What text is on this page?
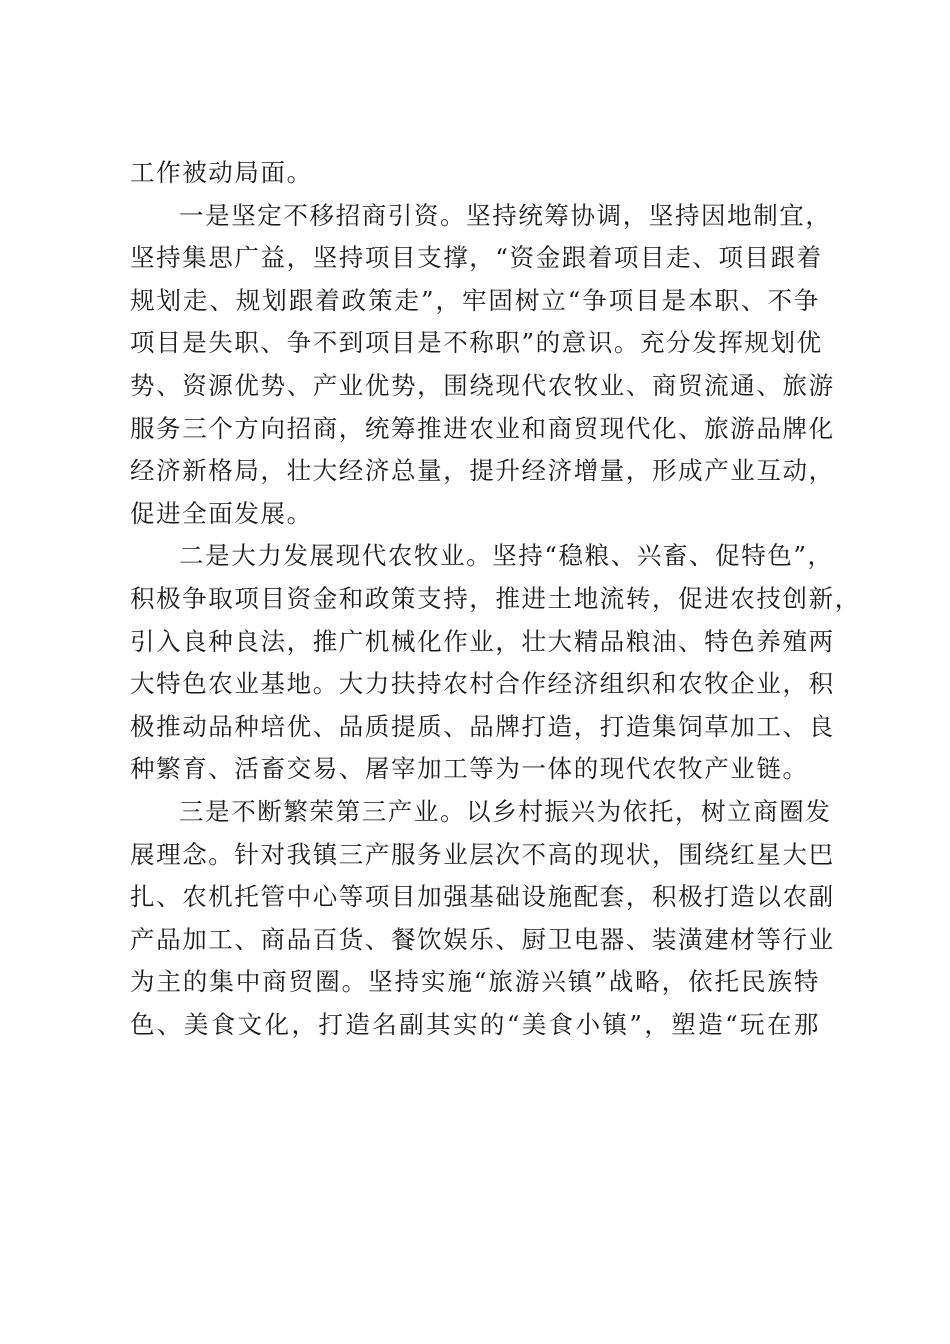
工作被动局面。
一是坚定不移招商引资。坚持统筹协调，坚持因地制宜，
坚持集思广益，坚持项目支撑，“资金跟着项目走、项目跟着
规划走、规划跟着政策走”，牢固树立“争项目是本职、不争
项目是失职、争不到项目是不称职”的意识。充分发挥规划优
势、资源优势、产业优势，围绕现代农牧业、商贸流通、旅游
服务三个方向招商，统筹推进农业和商贸现代化、旅游品牌化
经济新格局，壮大经济总量，提升经济增量，形成产业互动，
促进全面发展。
二是大力发展现代农牧业。坚持“稳粮、兴畜、促特色”，
积极争取项目资金和政策支持，推进土地流转，促进农技创新，
引入良种良法，推广机械化作业，壮大精品粮油、特色养殖两
大特色农业基地。大力扶持农村合作经济组织和农牧企业，积
极推动品种培优、品质提质、品牌打造，打造集饲草加工、良
种繁育、活畜交易、屠宰加工等为一体的现代农牧产业链。
三是不断繁荣第三产业。以乡村振兴为依托，树立商圈发
展理念。针对我镇三产服务业层次不高的现状，围绕红星大巴
扎、农机托管中心等项目加强基础设施配套，积极打造以农副
产品加工、商品百货、餐饮娱乐、厨卫电器、装潢建材等行业
为主的集中商贸圈。坚持实施“旅游兴镇”战略，依托民族特
色、美食文化，打造名副其实的“美食小镇”，塑造“玩在那
